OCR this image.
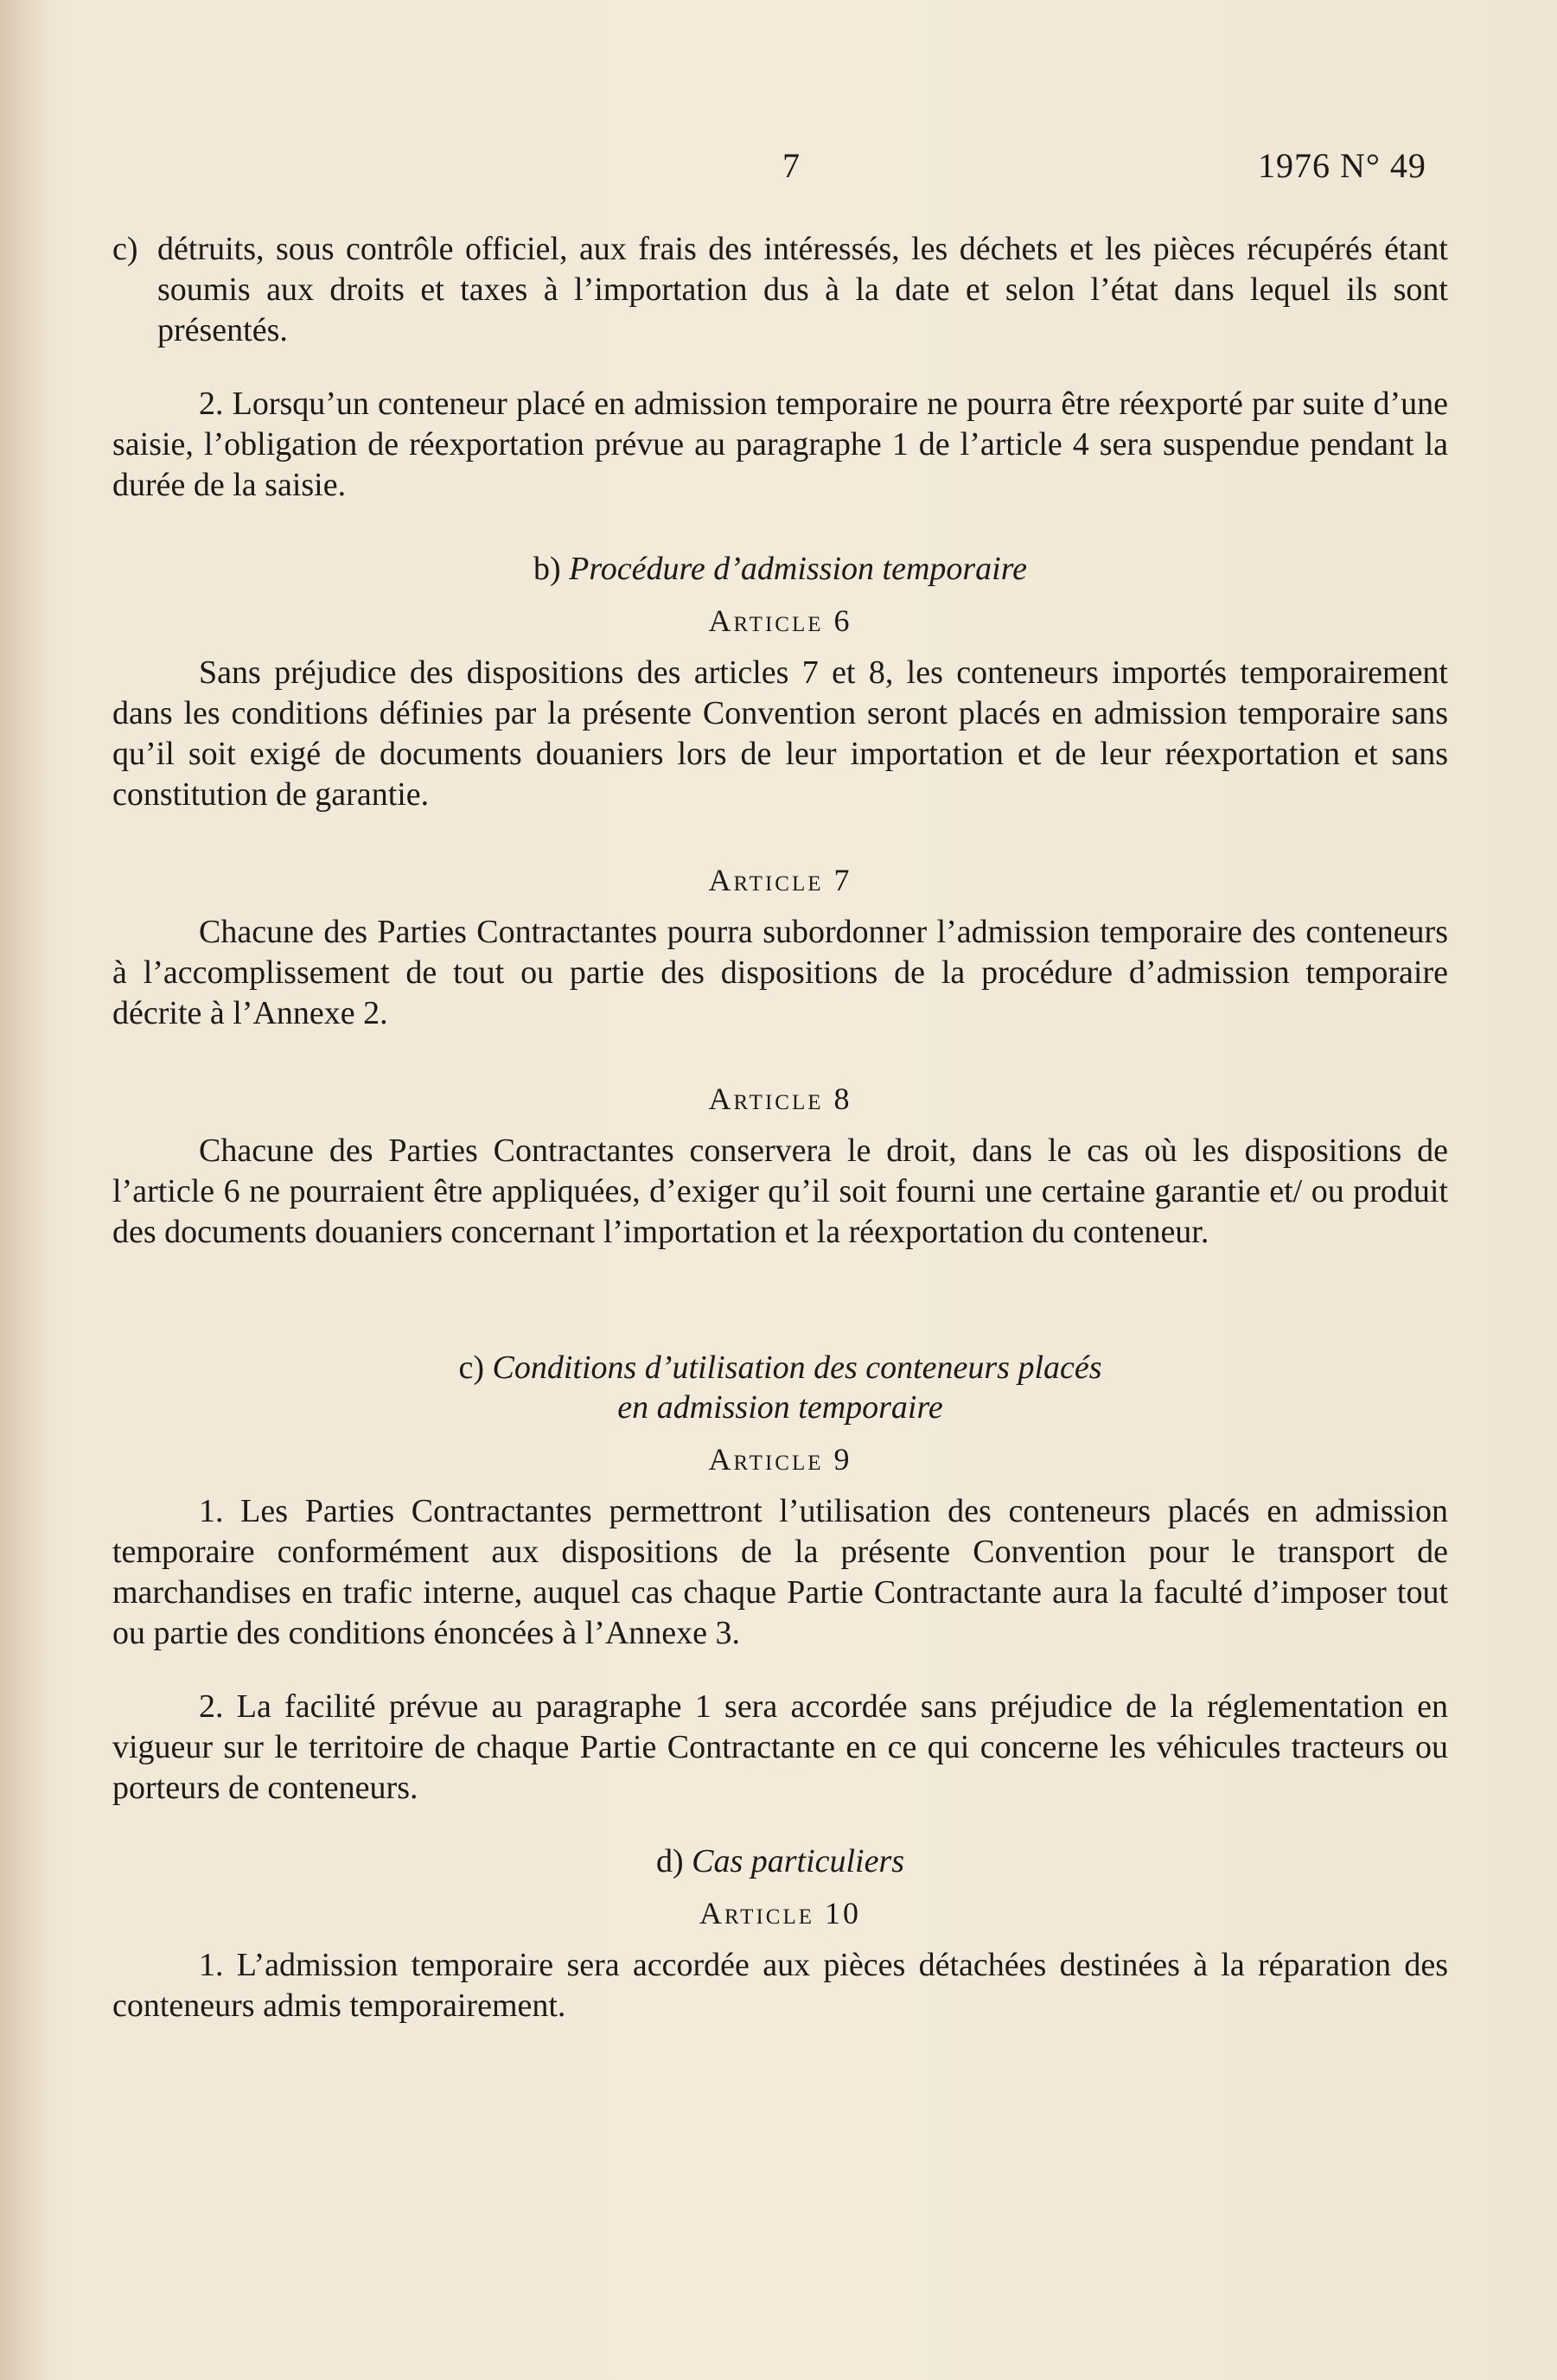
7	1976 N° 49

c) détruits, sous contrôle officiel, aux frais des intéressés, les déchets et les pièces récupérés étant soumis aux droits et taxes à l’importation dus à la date et selon l’état dans lequel ils sont présentés.

2. Lorsqu’un conteneur placé en admission temporaire ne pourra être réexporté par suite d’une saisie, l’obligation de réexportation prévue au paragraphe 1 de l’article 4 sera suspendue pendant la durée de la saisie.

b) Procédure d’admission temporaire
Article 6

Sans préjudice des dispositions des articles 7 et 8, les conteneurs importés temporairement dans les conditions définies par la présente Convention seront placés en admission temporaire sans qu’il soit exigé de documents douaniers lors de leur importation et de leur réexportation et sans constitution de garantie.

Article 7

Chacune des Parties Contractantes pourra subordonner l’admission temporaire des conteneurs à l’accomplissement de tout ou partie des dispositions de la procédure d’admission temporaire décrite à l’Annexe 2.

Article 8

Chacune des Parties Contractantes conservera le droit, dans le cas où les dispositions de l’article 6 ne pourraient être appliquées, d’exiger qu’il soit fourni une certaine garantie et/ ou produit des documents douaniers concernant l’importation et la réexportation du conteneur.

c) Conditions d’utilisation des conteneurs placés
en admission temporaire
Article 9

1. Les Parties Contractantes permettront l’utilisation des conteneurs placés en admission temporaire conformément aux dispositions de la présente Convention pour le transport de marchandises en trafic interne, auquel cas chaque Partie Contractante aura la faculté d’imposer tout ou partie des conditions énoncées à l’Annexe 3.

2. La facilité prévue au paragraphe 1 sera accordée sans préjudice de la réglementation en vigueur sur le territoire de chaque Partie Contractante en ce qui concerne les véhicules tracteurs ou porteurs de conteneurs.

d) Cas particuliers
Article 10

1. L’admission temporaire sera accordée aux pièces détachées destinées à la réparation des conteneurs admis temporairement.
